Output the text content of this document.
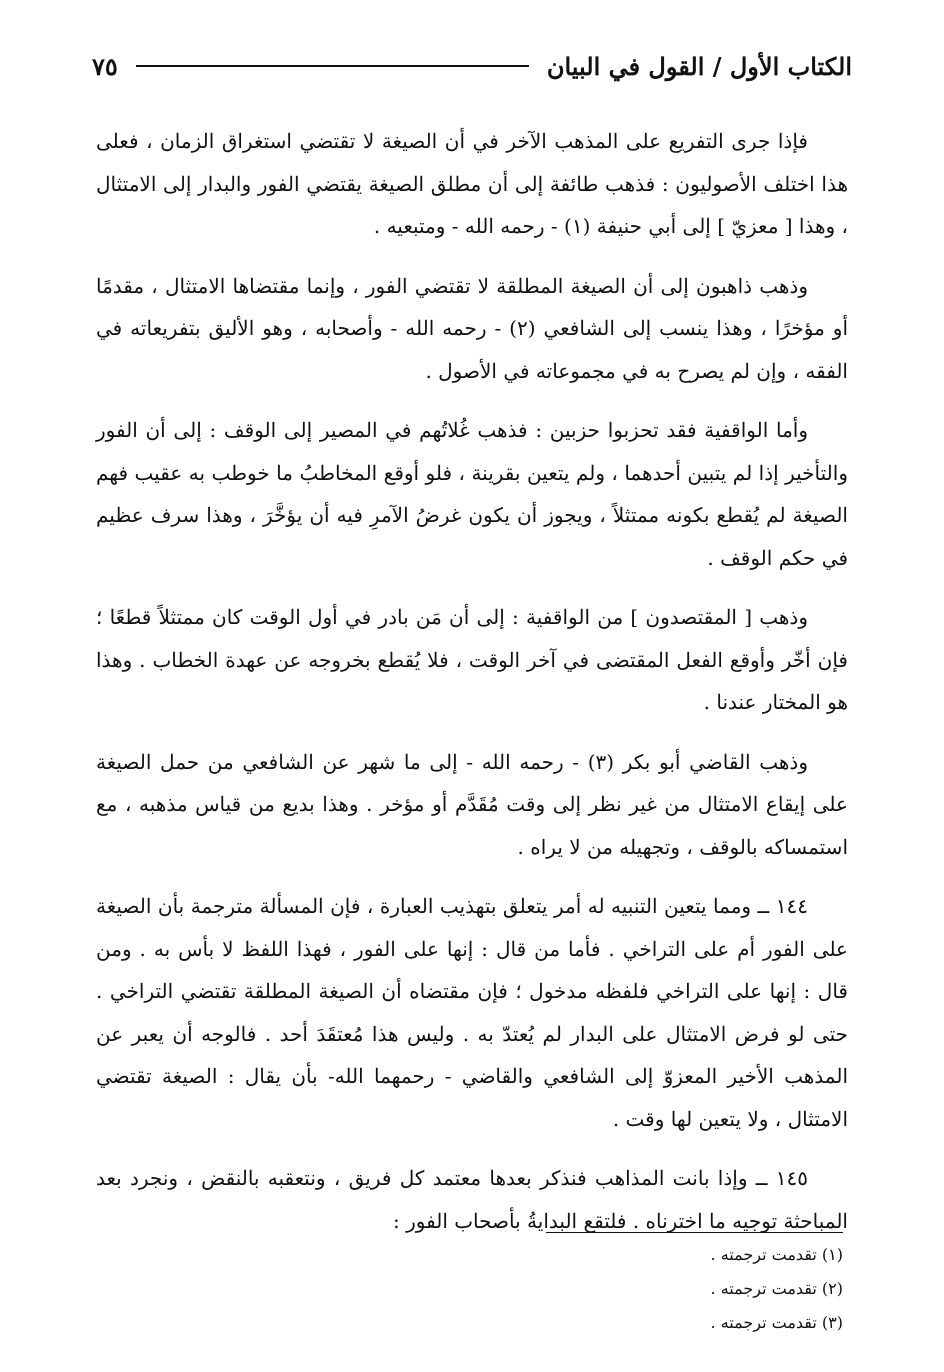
الكتاب الأول / القول في البيان
٧٥

فإذا جرى التفريع على المذهب الآخر في أن الصيغة لا تقتضي استغراق الزمان ، فعلى هذا اختلف الأصوليون : فذهب طائفة إلى أن مطلق الصيغة يقتضي الفور والبدار إلى الامتثال ، وهذا [ معزيّ ] إلى أبي حنيفة (١) - رحمه الله - ومتبعيه .

وذهب ذاهبون إلى أن الصيغة المطلقة لا تقتضي الفور ، وإنما مقتضاها الامتثال ، مقدمًا أو مؤخرًا ، وهذا ينسب إلى الشافعي (٢) - رحمه الله - وأصحابه ، وهو الأليق بتفريعاته في الفقه ، وإن لم يصرح به في مجموعاته في الأصول .

وأما الواقفية فقد تحزبوا حزبين : فذهب غُلاتُهم في المصير إلى الوقف : إلى أن الفور والتأخير إذا لم يتبين أحدهما ، ولم يتعين بقرينة ، فلو أوقع المخاطبُ ما خوطب به عقيب فهم الصيغة لم يُقطع بكونه ممتثلاً ، ويجوز أن يكون غرضُ الآمرِ فيه أن يؤخَّرَ ، وهذا سرف عظيم في حكم الوقف .

وذهب [ المقتصدون ] من الواقفية : إلى أن مَن بادر في أول الوقت كان ممتثلاً قطعًا ؛ فإن أخّر وأوقع الفعل المقتضى في آخر الوقت ، فلا يُقطع بخروجه عن عهدة الخطاب . وهذا هو المختار عندنا .

وذهب القاضي أبو بكر (٣) - رحمه الله - إلى ما شهر عن الشافعي من حمل الصيغة على إيقاع الامتثال من غير نظر إلى وقت مُقَدَّم أو مؤخر . وهذا بديع من قياس مذهبه ، مع استمساكه بالوقف ، وتجهيله من لا يراه .

١٤٤ ــ ومما يتعين التنبيه له أمر يتعلق بتهذيب العبارة ، فإن المسألة مترجمة بأن الصيغة على الفور أم على التراخي . فأما من قال : إنها على الفور ، فهذا اللفظ لا بأس به . ومن قال : إنها على التراخي فلفظه مدخول ؛ فإن مقتضاه أن الصيغة المطلقة تقتضي التراخي . حتى لو فرض الامتثال على البدار لم يُعتدّ به . وليس هذا مُعتقَدَ أحد . فالوجه أن يعبر عن المذهب الأخير المعزوّ إلى الشافعي والقاضي - رحمهما الله- بأن يقال : الصيغة تقتضي الامتثال ، ولا يتعين لها وقت .

١٤٥ ــ وإذا بانت المذاهب فنذكر بعدها معتمد كل فريق ، ونتعقبه بالنقض ، ونجرد بعد المباحثة توجيه ما اخترناه . فلتقع البدايةُ بأصحاب الفور :

(١) تقدمت ترجمته .

(٢) تقدمت ترجمته .

(٣) تقدمت ترجمته .
